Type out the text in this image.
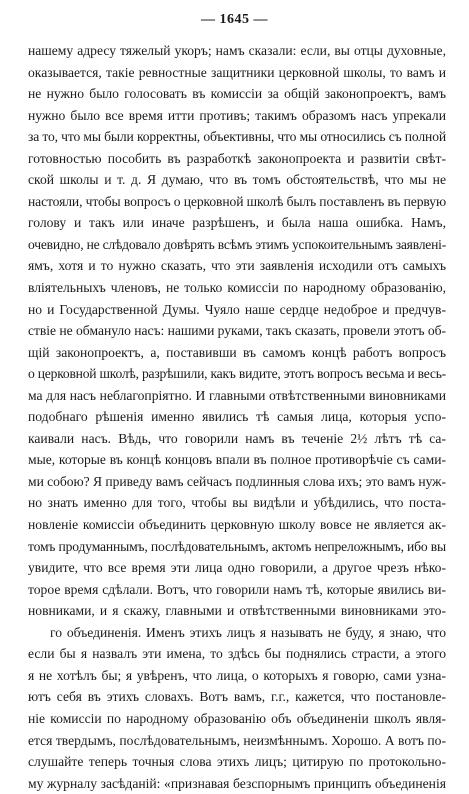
— 1645 —
нашему адресу тяжелый укоръ; намъ сказали: если, вы отцы духовные,
оказывается, такіе ревностные защитники церковной школы, то вамъ и
не нужно было голосовать въ комиссіи за общій законопроектъ, вамъ
нужно было все время итти противъ; такимъ образомъ насъ упрекали
за то, что мы были корректны, объективны, что мы относились съ полной
готовностью пособить въ разработкѣ законопроекта и развитіи свѣт-
ской школы и т. д. Я думаю, что въ томъ обстоятельствѣ, что мы не
настояли, чтобы вопросъ о церковной школѣ былъ поставленъ въ первую
голову и такъ или иначе разрѣшенъ, и была наша ошибка. Намъ,
очевидно, не слѣдовало довѣрять всѣмъ этимъ успокоительнымъ заявлені-
ямъ, хотя и то нужно сказать, что эти заявленія исходили отъ самыхъ
вліятельныхъ членовъ, не только комиссіи по народному образованію,
но и Государственной Думы. Чуяло наше сердце недоброе и предчув-
ствіе не обмануло насъ: нашими руками, такъ сказать, провели этотъ об-
щій законопроектъ, а, поставивши въ самомъ концѣ работъ вопросъ
о церковной школѣ, разрѣшили, какъ видите, этотъ вопросъ весьма и весь-
ма для насъ неблагопріятно. И главными отвѣтственными виновниками
подобнаго рѣшенія именно явились тѣ самыя лица, которыя успо-
каивали насъ. Вѣдь, что говорили намъ въ теченіе 2½ лѣтъ тѣ са-
мые, которые въ концѣ концовъ впали въ полное противорѣчіе съ сами-
ми собою? Я приведу вамъ сейчасъ подлинныя слова ихъ; это вамъ нуж-
но знать именно для того, чтобы вы видѣли и убѣдились, что поста-
новленіе комиссіи объединить церковную школу вовсе не является ак-
томъ продуманнымъ, послѣдовательнымъ, актомъ непреложнымъ, ибо вы
увидите, что все время эти лица одно говорили, а другое чрезъ нѣко-
торое время сдѣлали. Вотъ, что говорили намъ тѣ, которые явились ви-
новниками, и я скажу, главными и отвѣтственными виновниками это-
го объединенія. Именъ этихъ лицъ я называть не буду, я знаю, что
если бы я назвалъ эти имена, то здѣсь бы поднялись страсти, а этого
я не хотѣлъ бы; я увѣренъ, что лица, о которыхъ я говорю, сами узна-
ютъ себя въ этихъ словахъ. Вотъ вамъ, г.г., кажется, что постановле-
ніе комиссіи по народному образованію объ объединеніи школъ явля-
ется твердымъ, послѣдовательнымъ, неизмѣннымъ. Хорошо. А вотъ по-
слушайте теперь точныя слова этихъ лицъ; цитирую по протокольно-
му журналу засѣданій: «признавая безспорнымъ принципъ объединенія
